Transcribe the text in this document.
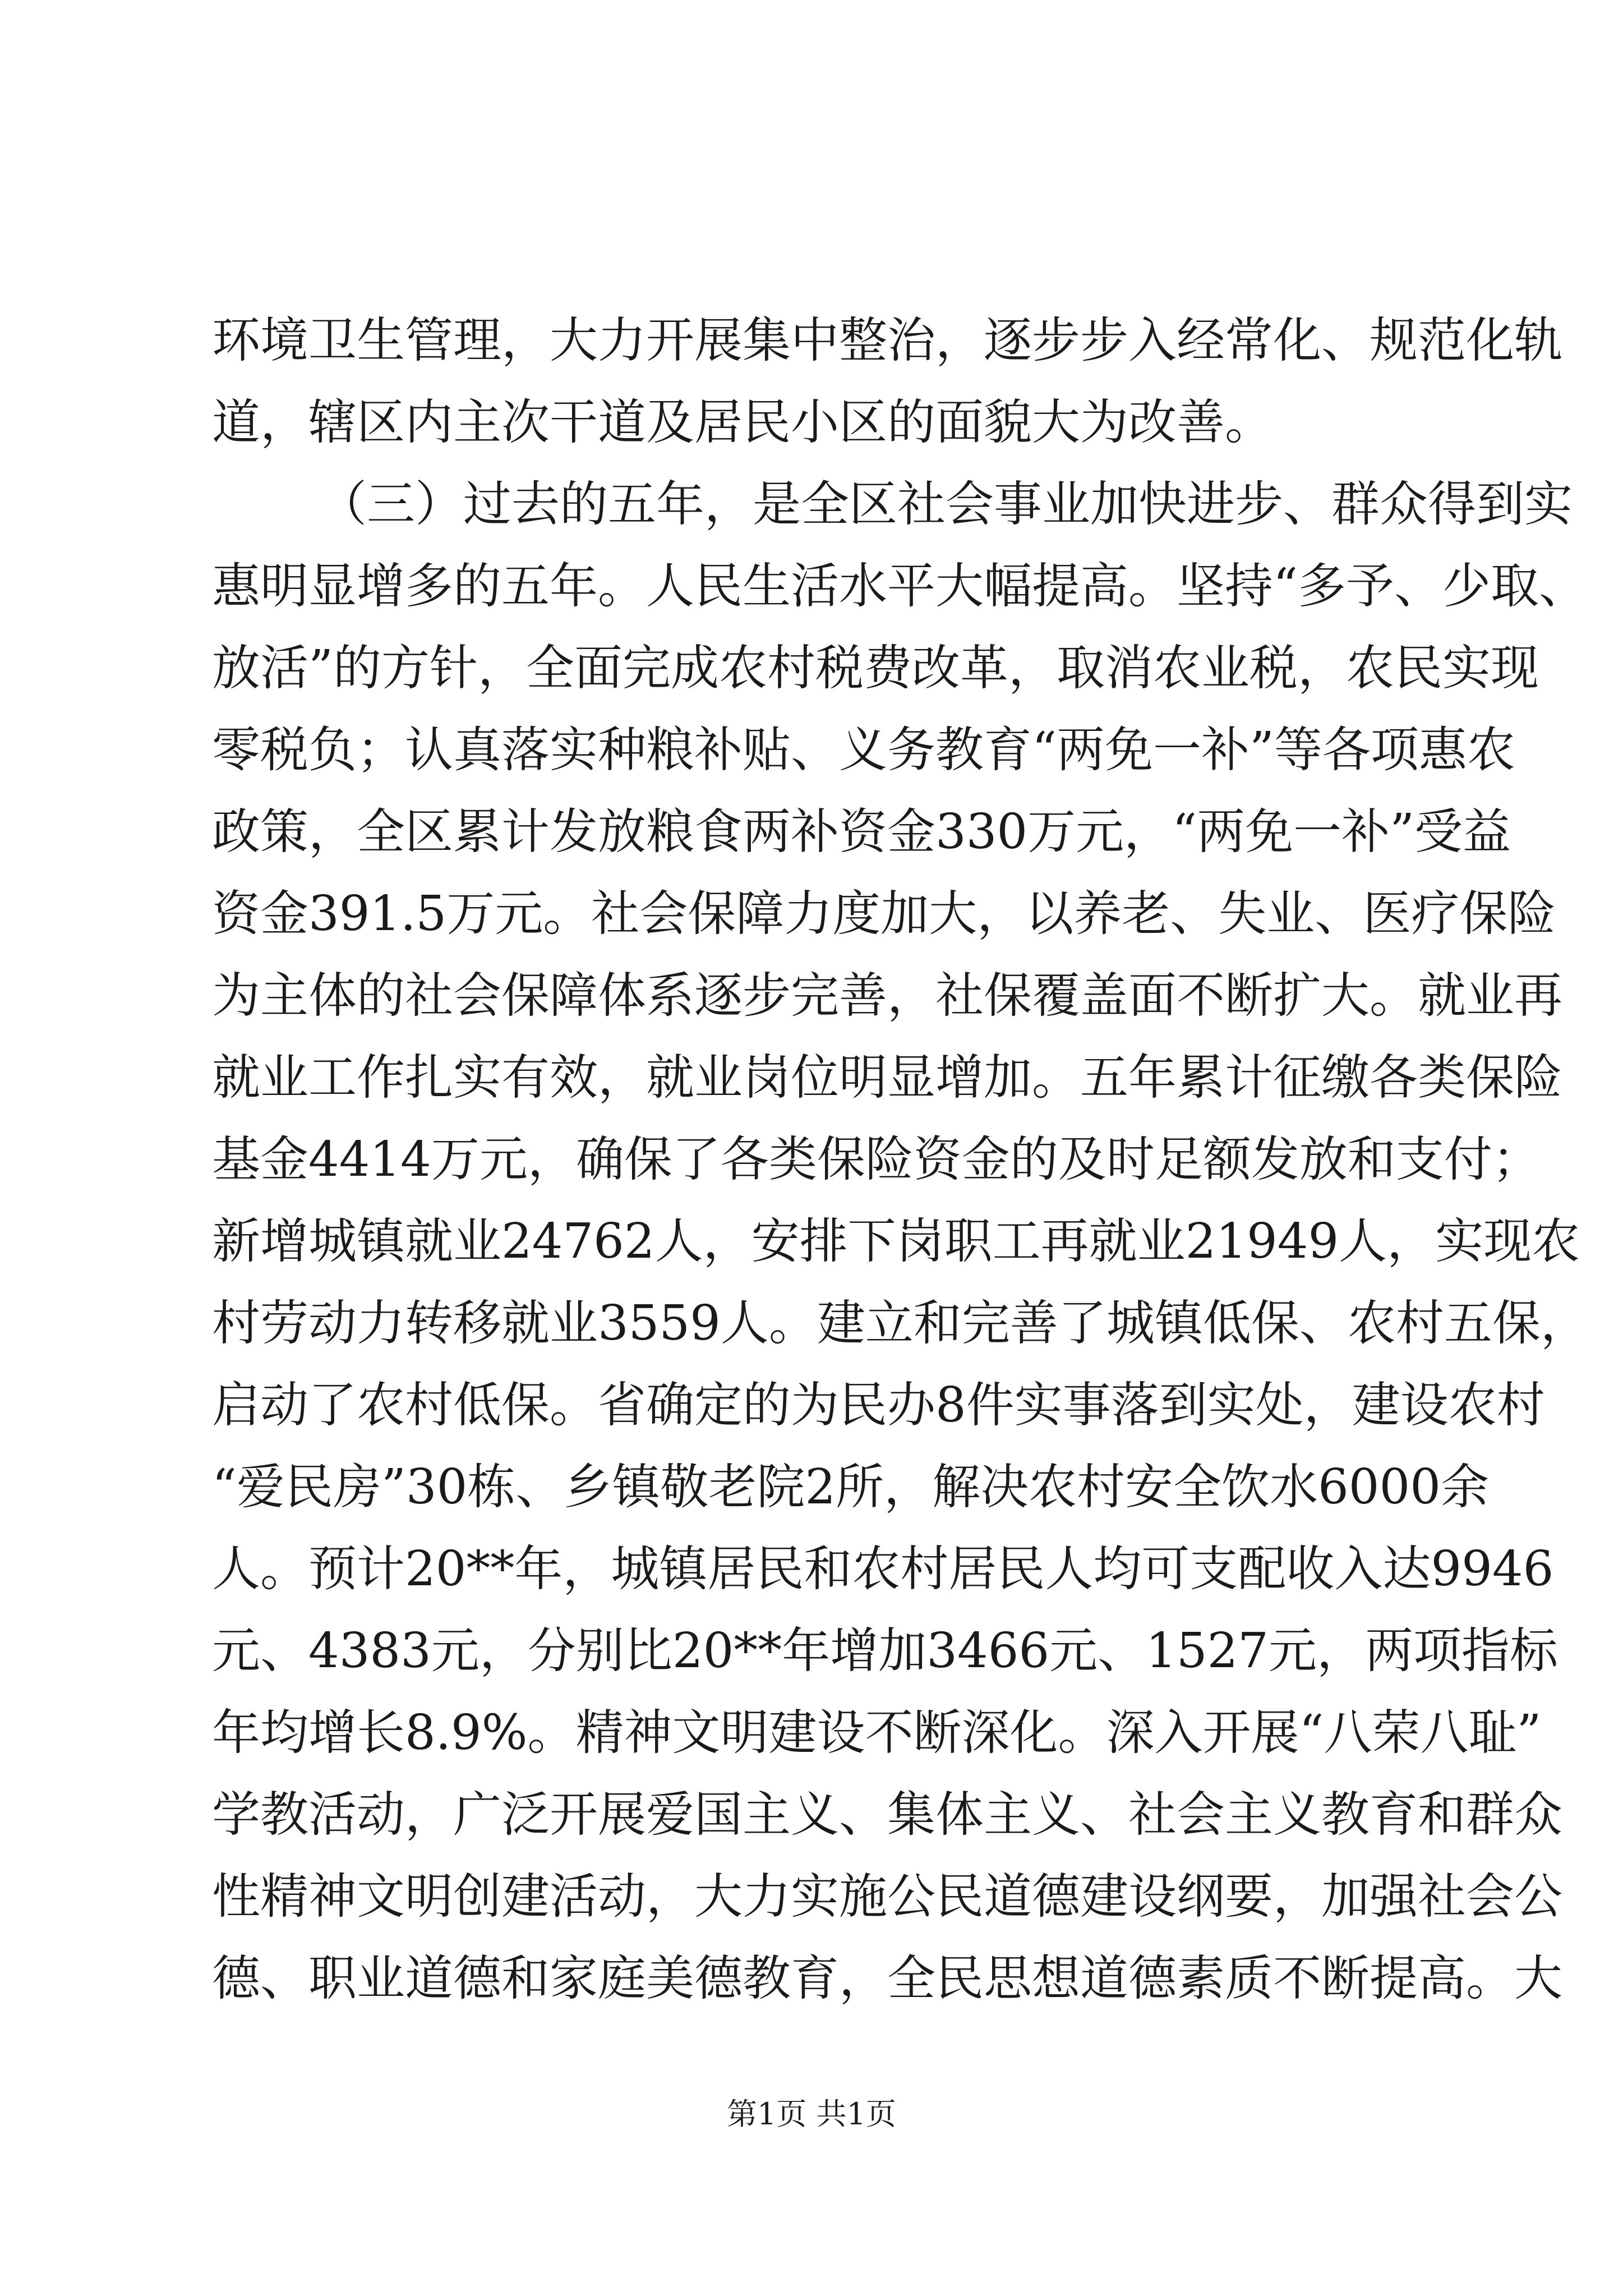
环境卫生管理，大力开展集中整治，逐步步入经常化、规范化轨
道，辖区内主次干道及居民小区的面貌大为改善。
（三）过去的五年，是全区社会事业加快进步、群众得到实
惠明显增多的五年。人民生活水平大幅提高。坚持“多予、少取、
放活”的方针，全面完成农村税费改革，取消农业税，农民实现
零税负；认真落实种粮补贴、义务教育“两免一补”等各项惠农
政策，全区累计发放粮食两补资金330万元，“两免一补”受益
资金391.5万元。社会保障力度加大，以养老、失业、医疗保险
为主体的社会保障体系逐步完善，社保覆盖面不断扩大。就业再
就业工作扎实有效，就业岗位明显增加。五年累计征缴各类保险
基金4414万元，确保了各类保险资金的及时足额发放和支付；
新增城镇就业24762人，安排下岗职工再就业21949人，实现农
村劳动力转移就业3559人。建立和完善了城镇低保、农村五保，
启动了农村低保。省确定的为民办8件实事落到实处，建设农村
“爱民房”30栋、乡镇敬老院2所，解决农村安全饮水6000余
人。预计20**年，城镇居民和农村居民人均可支配收入达9946
元、4383元，分别比20**年增加3466元、1527元，两项指标
年均增长8.9%。精神文明建设不断深化。深入开展“八荣八耻”
学教活动，广泛开展爱国主义、集体主义、社会主义教育和群众
性精神文明创建活动，大力实施公民道德建设纲要，加强社会公
德、职业道德和家庭美德教育，全民思想道德素质不断提高。大
第1页 共1页
